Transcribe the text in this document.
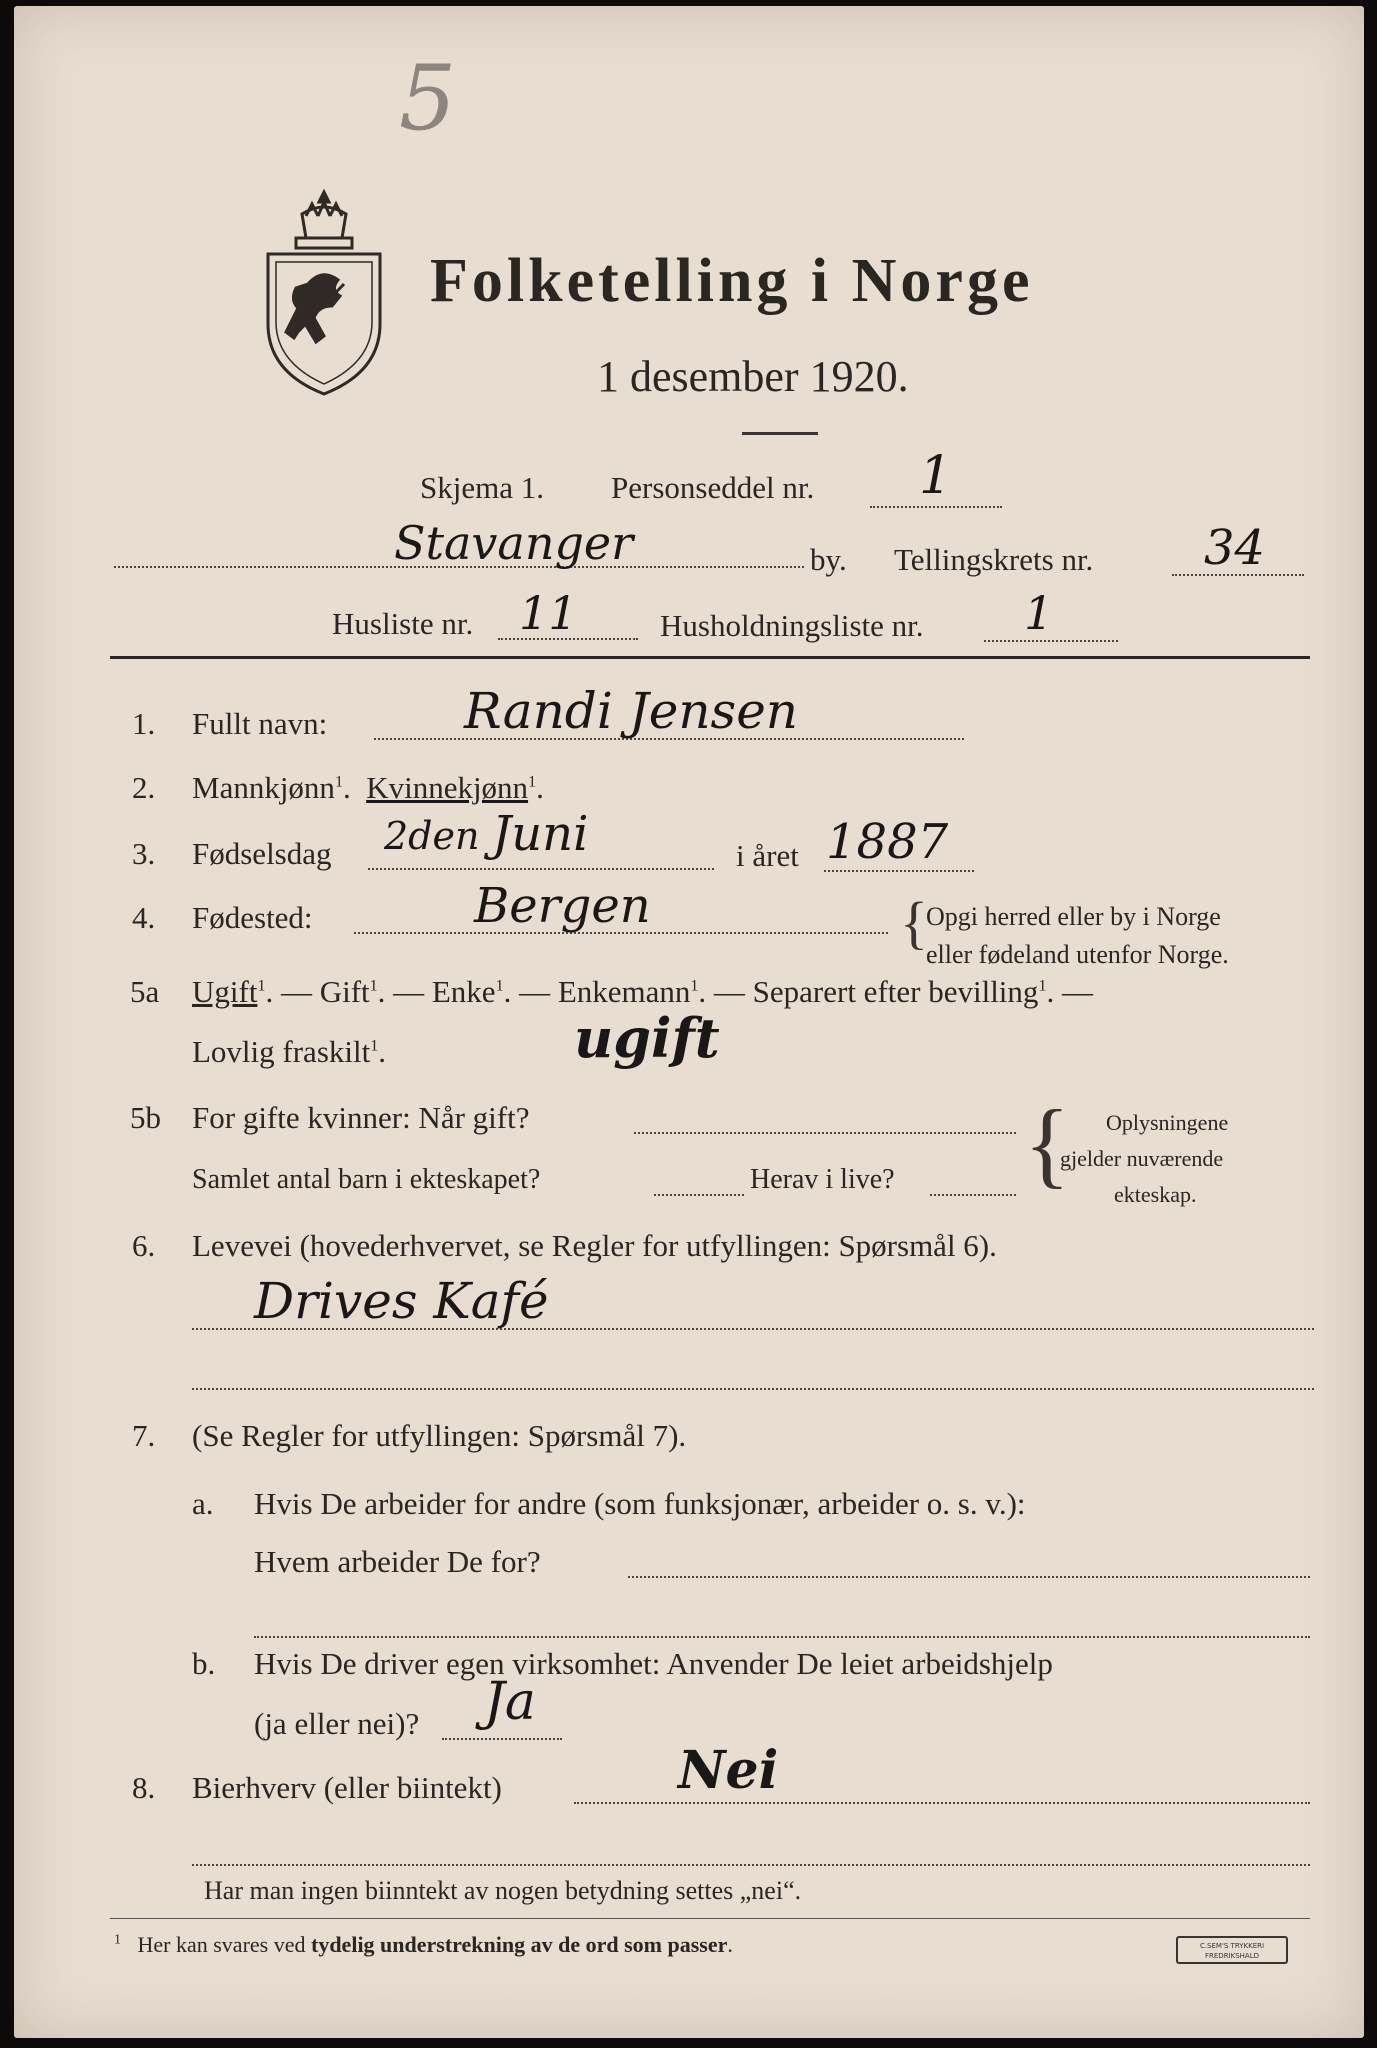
5
Folketelling i Norge
1 desember 1920.
Skjema 1. Personseddel nr. 1
Stavanger	by. Tellingskrets nr. 34
Husliste nr. 11	Husholdningsliste nr. 1
1. Fullt navn:	Randi Jensen
2. Mannkjønn$^1$. Kvinnekjønn$^1$.
3. Fødselsdag 2den Juni	i året 1887
4. Fødested:	Bergen	{
Opgi herred eller by i Norge
eller fødeland utenfor Norge.
5a Ugift$^1$. — Gift$^1$. — Enke$^1$. — Enkemann$^1$. — Separert efter bevilling$^1$. —
Lovlig fraskilt$^1$.	ugift
5b For gifte kvinner: Når gift?
Samlet antal barn i ekteskapet?	Herav i live? { Oplysningene
gjelder nuværende
ekteskap.
6. Levevei (hovederhvervet, se Regler for utfyllingen: Spørsmål 6).
Drives Kafé
7. (Se Regler for utfyllingen: Spørsmål 7).
a. Hvis De arbeider for andre (som funksjonær, arbeider o. s. v.):
Hvem arbeider De for?
b. Hvis De driver egen virksomhet: Anvender De leiet arbeidshjelp
(ja eller nei)? Ja
8. Bierhverv (eller biintekt)	Nei
Har man ingen biinntekt av nogen betydning settes „nei“.
$^1$ Her kan svares ved tydelig understrekning av de ord som passer.	C.SEM'S TRYKKERI
FREDRIKSHALD
